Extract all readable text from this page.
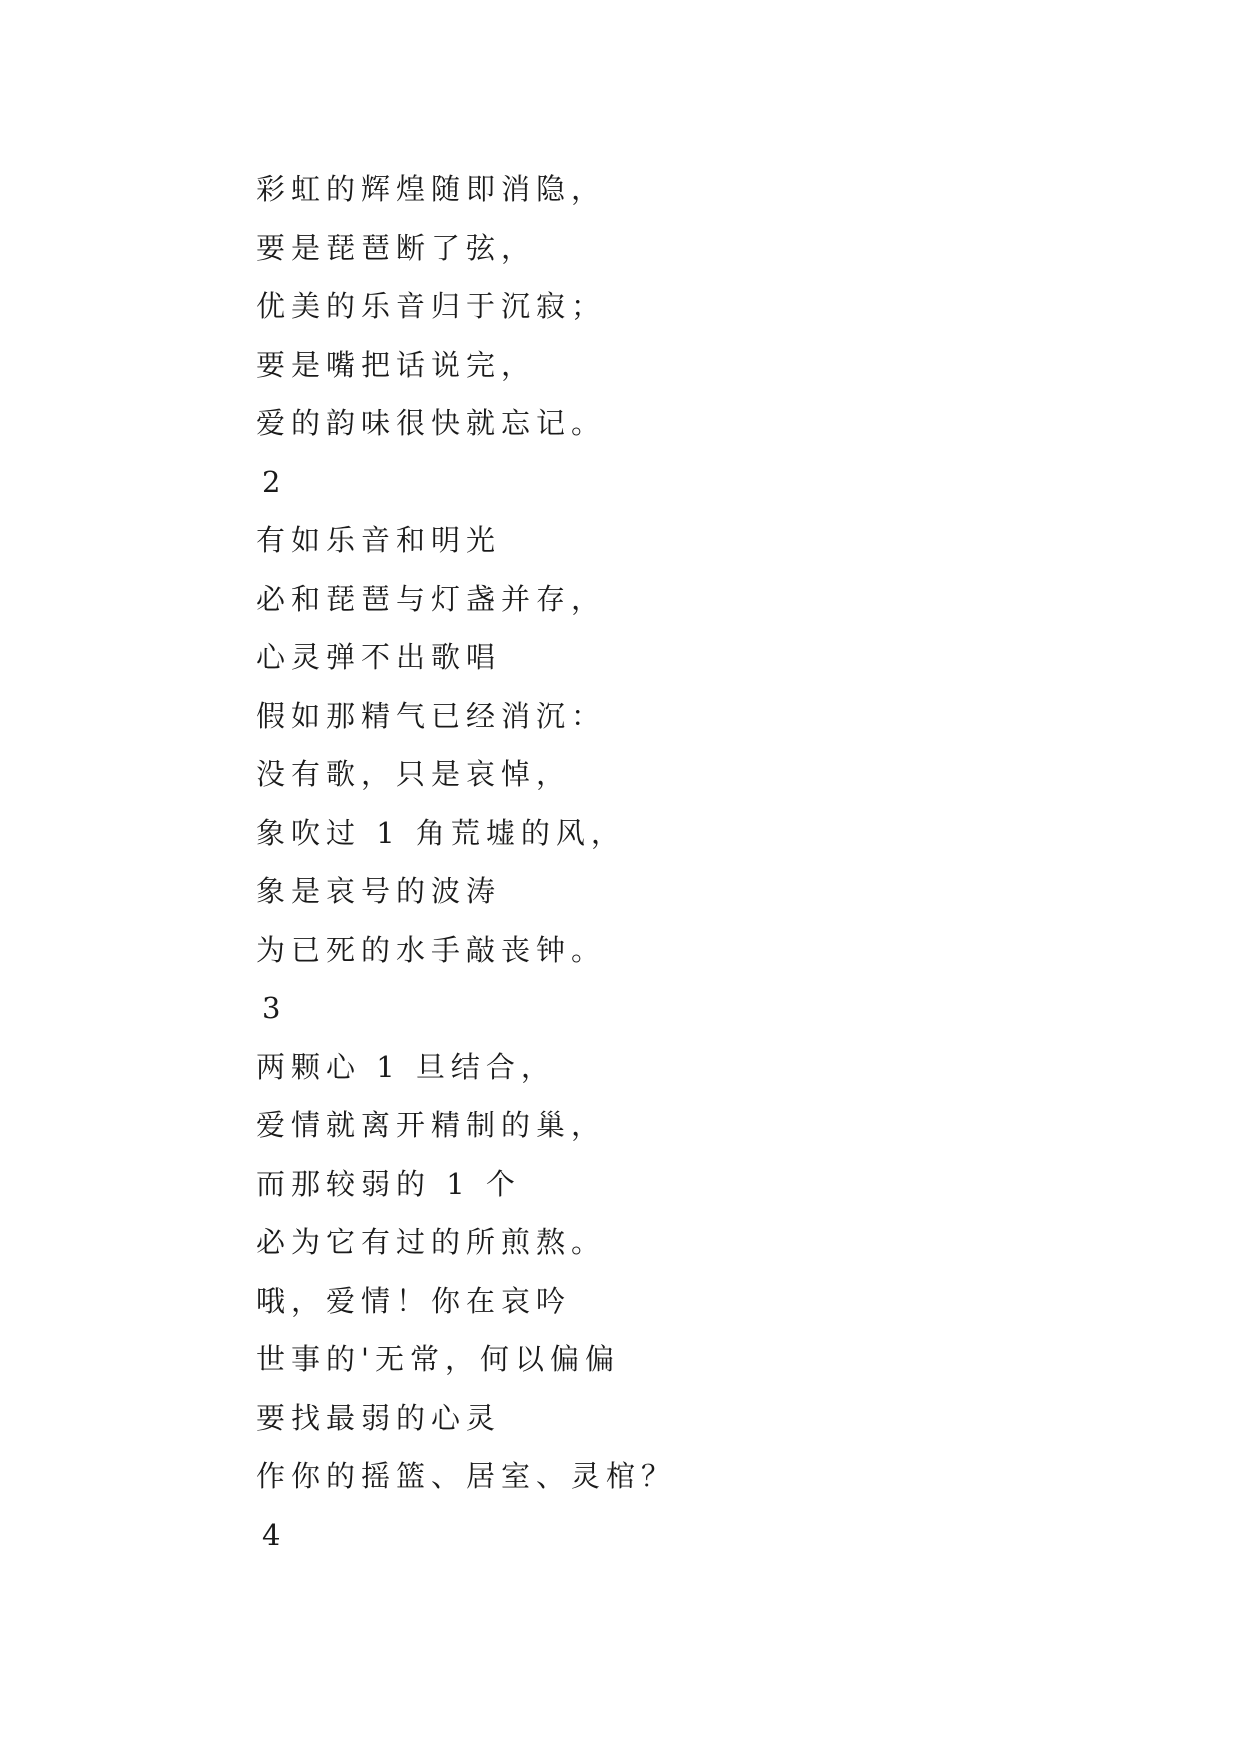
彩虹的辉煌随即消隐，
要是琵琶断了弦，
优美的乐音归于沉寂；
要是嘴把话说完，
爱的韵味很快就忘记。
2
有如乐音和明光
必和琵琶与灯盏并存，
心灵弹不出歌唱
假如那精气已经消沉：
没有歌，只是哀悼，
象吹过 1 角荒墟的风，
象是哀号的波涛
为已死的水手敲丧钟。
3
两颗心 1 旦结合，
爱情就离开精制的巢，
而那较弱的 1 个
必为它有过的所煎熬。
哦，爱情！你在哀吟
世事的'无常，何以偏偏
要找最弱的心灵
作你的摇篮、居室、灵棺？
4
